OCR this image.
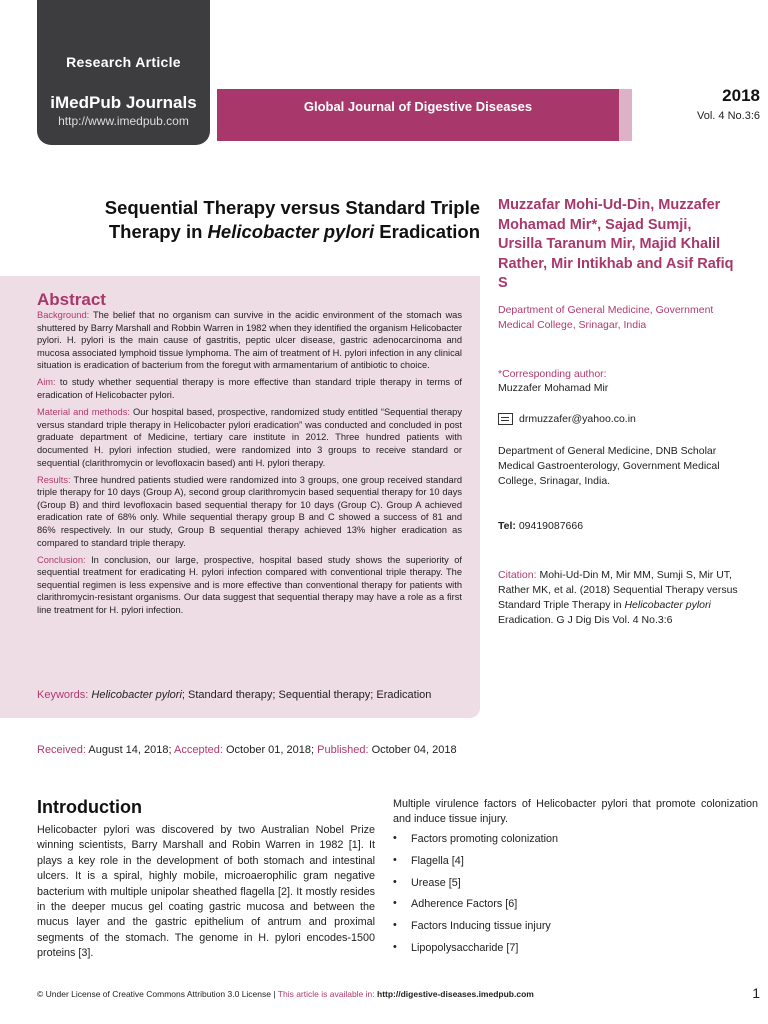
Research Article
iMedPub Journals
http://www.imedpub.com
Global Journal of Digestive Diseases
2018
Vol. 4 No.3:6
Sequential Therapy versus Standard Triple Therapy in Helicobacter pylori Eradication
Muzzafar Mohi-Ud-Din, Muzzafer Mohamad Mir*, Sajad Sumji, Ursilla Taranum Mir, Majid Khalil Rather, Mir Intikhab and Asif Rafiq S
Abstract

Background: The belief that no organism can survive in the acidic environment of the stomach was shuttered by Barry Marshall and Robbin Warren in 1982 when they identified the organism Helicobacter pylori. H. pylori is the main cause of gastritis, peptic ulcer disease, gastric adenocarcinoma and mucosa associated lymphoid tissue lymphoma. The aim of treatment of H. pylori infection in any clinical situation is eradication of bacterium from the foregut with armamentarium of antibiotic to choice.

Aim: to study whether sequential therapy is more effective than standard triple therapy in terms of eradication of Helicobacter pylori.

Material and methods: Our hospital based, prospective, randomized study entitled “Sequential therapy versus standard triple therapy in Helicobacter pylori eradication” was conducted and concluded in post graduate department of Medicine, tertiary care institute in 2012. Three hundred patients with documented H. pylori infection studied, were randomized into 3 groups to receive standard or sequential (clarithromycin or levofloxacin based) anti H. pylori therapy.

Results: Three hundred patients studied were randomized into 3 groups, one group received standard triple therapy for 10 days (Group A), second group clarithromycin based sequential therapy for 10 days (Group B) and third levofloxacin based sequential therapy for 10 days (Group C). Group A achieved eradication rate of 68% only. While sequential therapy group B and C showed a success of 81 and 86% respectively. In our study, Group B sequential therapy achieved 13% higher eradication as compared to standard triple therapy.

Conclusion: In conclusion, our large, prospective, hospital based study shows the superiority of sequential treatment for eradicating H. pylori infection compared with conventional triple therapy. The sequential regimen is less expensive and is more effective than conventional therapy for patients with clarithromycin-resistant organisms. Our data suggest that sequential therapy may have a role as a first line treatment for H. pylori infection.

Keywords: Helicobacter pylori; Standard therapy; Sequential therapy; Eradication
Department of General Medicine, Government Medical College, Srinagar, India
*Corresponding author:
Muzzafer Mohamad Mir
drmuzzafer@yahoo.co.in
Department of General Medicine, DNB Scholar Medical Gastroenterology, Government Medical College, Srinagar, India.
Tel: 09419087666
Citation: Mohi-Ud-Din M, Mir MM, Sumji S, Mir UT, Rather MK, et al. (2018) Sequential Therapy versus Standard Triple Therapy in Helicobacter pylori Eradication. G J Dig Dis Vol. 4 No.3:6
Received: August 14, 2018; Accepted: October 01, 2018; Published: October 04, 2018
Introduction
Helicobacter pylori was discovered by two Australian Nobel Prize winning scientists, Barry Marshall and Robin Warren in 1982 [1]. It plays a key role in the development of both stomach and intestinal ulcers. It is a spiral, highly mobile, microaerophilic gram negative bacterium with multiple unipolar sheathed flagella [2]. It mostly resides in the deeper mucus gel coating gastric mucosa and between the mucus layer and the gastric epithelium of antrum and proximal segments of the stomach. The genome in H. pylori encodes-1500 proteins [3].
Multiple virulence factors of Helicobacter pylori that promote colonization and induce tissue injury.
• Factors promoting colonization
• Flagella [4]
• Urease [5]
• Adherence Factors [6]
• Factors Inducing tissue injury
• Lipopolysaccharide [7]
© Under License of Creative Commons Attribution 3.0 License | This article is available in: http://digestive-diseases.imedpub.com	1
